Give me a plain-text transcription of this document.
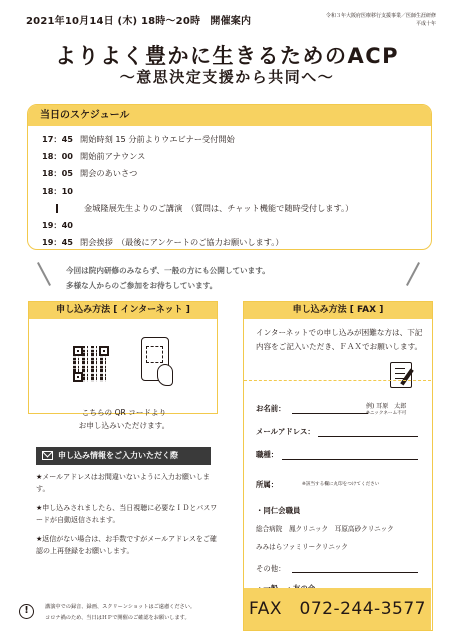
2021年10月14日 (木) 18時～20時　開催案内	令和３年大阪府医療移行支援事業／医師生涯研修
平成十年
よりよく豊かに生きるためのACP
～意思決定支援から共同へ～
当日のスケジュール
17：45 開始時刻 15 分前よりウエビナー受付開始
18：00 開始前アナウンス
18：05 開会のあいさつ
18：10
金城隆展先生よりのご講演　（質問は、チャット機能で随時受付します。）
19：40
19：45 閉会挨拶　（最後にアンケートのご協力お願いします。）
今回は院内研修のみならず、一般の方にも公開しています。
多様な人からのご参加をお待ちしています。
申し込み方法 [ インターネット ]
こちらの QR コードより
お申し込みいただけます。
申し込み情報をご入力いただく際

★メールアドレスはお間違いないように入力お願いします。

★申し込みされましたら、当日視聴に必要なＩＤとパスワードが自動返信されます。

★返信がない場合は、お手数ですがメールアドレスをご確認の上再登録をお願いします。

申し込み方法 [ FAX ]
インターネットでの申し込みが困難な方は、下記内容をご記入いただき、ＦＡＸでお願いします。
お名前：	例) 耳原　太郎
※ニックネーム不可
メールアドレス：
職種：
所属：	※該当する欄に丸印をつけてください
・同仁会職員
総合病院　鳳クリニック　耳原高砂クリニック
みみはらファミリークリニック
その他：
FAX　072-244-3577
!	講演中での録音、録画、スクリーンショットはご遠慮ください。
コロナ禍のため、当日はＨＰで開催のご確認をお願いします。
